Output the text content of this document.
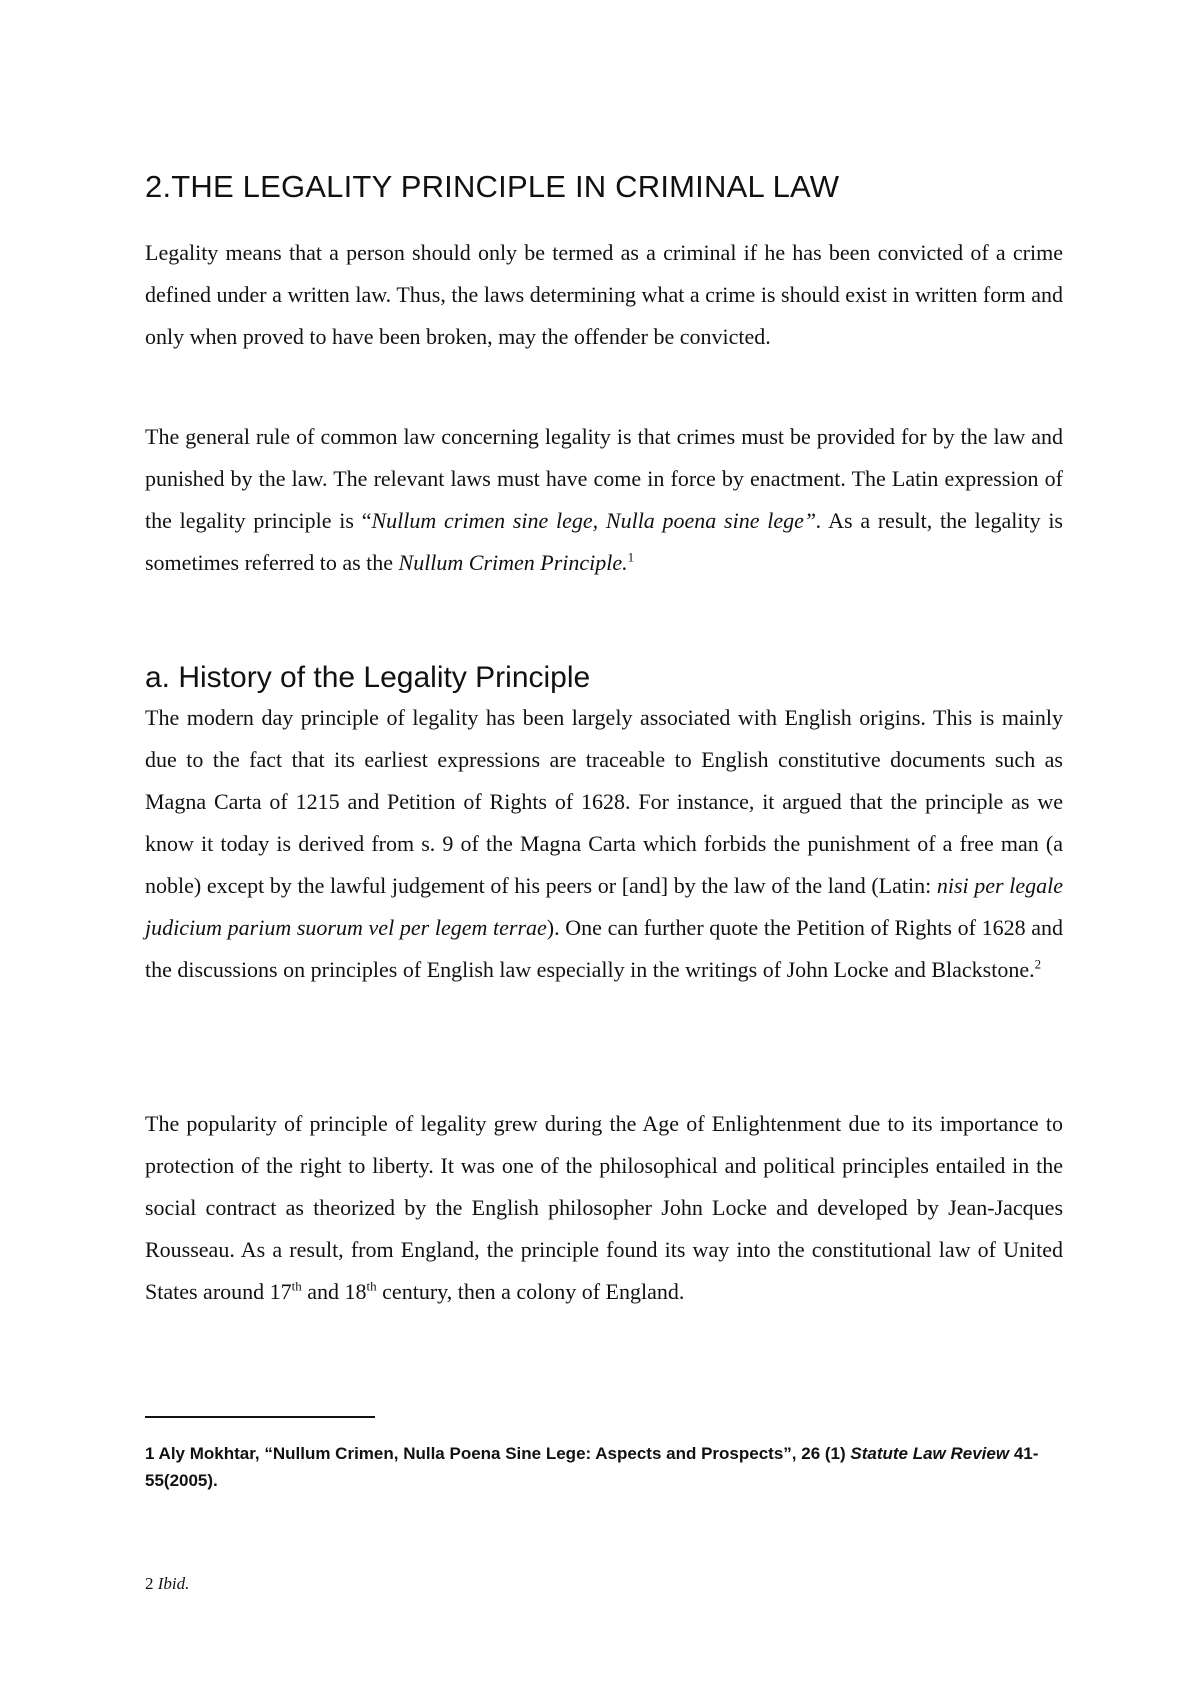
2.THE LEGALITY PRINCIPLE IN CRIMINAL LAW

Legality means that a person should only be termed as a criminal if he has been convicted of a crime defined under a written law. Thus, the laws determining what a crime is should exist in written form and only when proved to have been broken, may the offender be convicted.

The general rule of common law concerning legality is that crimes must be provided for by the law and punished by the law. The relevant laws must have come in force by enactment. The Latin expression of the legality principle is “Nullum crimen sine lege, Nulla poena sine lege”. As a result, the legality is sometimes referred to as the Nullum Crimen Principle.$^1$

a. History of the Legality Principle

The modern day principle of legality has been largely associated with English origins. This is mainly due to the fact that its earliest expressions are traceable to English constitutive documents such as Magna Carta of 1215 and Petition of Rights of 1628. For instance, it argued that the principle as we know it today is derived from s. 9 of the Magna Carta which forbids the punishment of a free man (a noble) except by the lawful judgement of his peers or [and] by the law of the land (Latin: nisi per legale judicium parium suorum vel per legem terrae). One can further quote the Petition of Rights of 1628 and the discussions on principles of English law especially in the writings of John Locke and Blackstone.$^2$

The popularity of principle of legality grew during the Age of Enlightenment due to its importance to protection of the right to liberty. It was one of the philosophical and political principles entailed in the social contract as theorized by the English philosopher John Locke and developed by Jean-Jacques Rousseau. As a result, from England, the principle found its way into the constitutional law of United States around 17th and 18th century, then a colony of England.

1 Aly Mokhtar, “Nullum Crimen, Nulla Poena Sine Lege: Aspects and Prospects”, 26 (1) Statute Law Review 41-55(2005).

2 Ibid.
